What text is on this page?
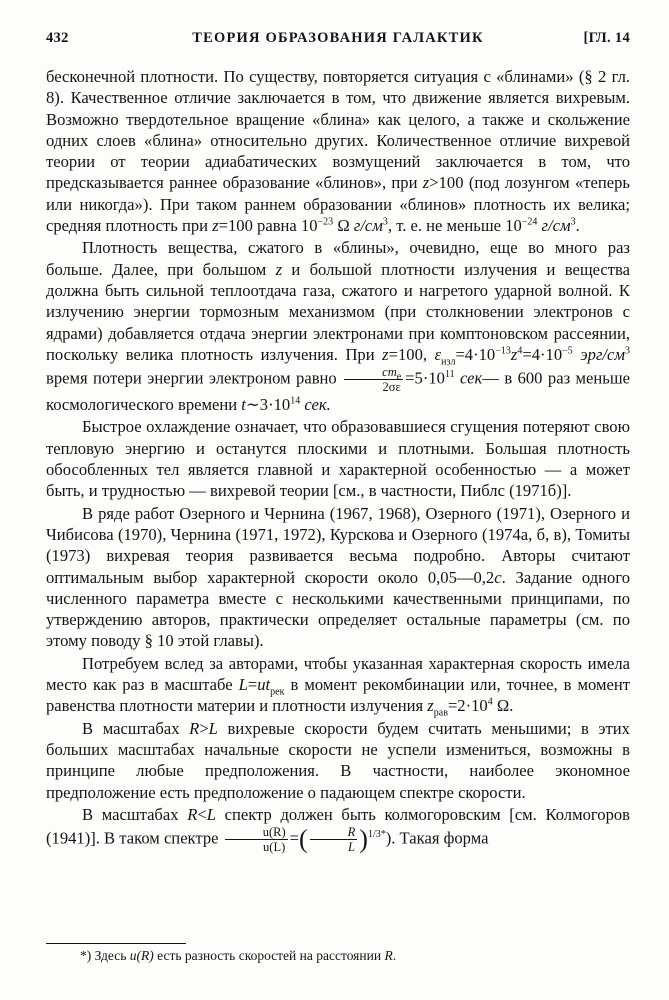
432	ТЕОРИЯ ОБРАЗОВАНИЯ ГАЛАКТИК	[ГЛ. 14

бесконечной плотности. По существу, повторяется ситуация с «блинами» (§ 2 гл. 8). Качественное отличие заключается в том, что движение является вихревым. Возможно твердотельное вращение «блина» как целого, а также и скольжение одних слоев «блина» относительно других. Количественное отличие вихревой теории от теории адиабатических возмущений заключается в том, что предсказывается раннее образование «блинов», при z>100 (под лозунгом «теперь или никогда»). При таком раннем образовании «блинов» плотность их велика; средняя плотность при z=100 равна $10^{-23}$ Ω $г/см^3$, т. е. не меньше $10^{-24}$ $г/см^3$.

Плотность вещества, сжатого в «блины», очевидно, еще во много раз больше. Далее, при большом z и большой плотности излучения и вещества должна быть сильной теплоотдача газа, сжатого и нагретого ударной волной. К излучению энергии тормозным механизмом (при столкновении электронов с ядрами) добавляется отдача энергии электронами при комптоновском рассеянии, поскольку велика плотность излучения. При z=100, $\varepsilon_{изл}=4\cdot 10^{-13}z^4=4\cdot 10^{-5}$ эрг/$см^3$ время потери энергии электроном равно $\frac{cm_e}{2\sigma\varepsilon} =5\cdot 10^{11}$ сек— в 600 раз меньше космологического времени $t\sim 3\cdot 10^{14}$ сек.

Быстрое охлаждение означает, что образовавшиеся сгущения потеряют свою тепловую энергию и останутся плоскими и плотными. Большая плотность обособленных тел является главной и характерной особенностью — а может быть, и трудностью — вихревой теории [см., в частности, Пиблс (1971б)].

В ряде работ Озерного и Чернина (1967, 1968), Озерного (1971), Озерного и Чибисова (1970), Чернина (1971, 1972), Курскова и Озерного (1974а, б, в), Томиты (1973) вихревая теория развивается весьма подробно. Авторы считают оптимальным выбор характерной скорости около 0,05—0,2c. Задание одного численного параметра вместе с несколькими качественными принципами, по утверждению авторов, практически определяет остальные параметры (см. по этому поводу § 10 этой главы).

Потребуем вслед за авторами, чтобы указанная характерная скорость имела место как раз в масштабе $L=ut_{рек}$ в момент рекомбинации или, точнее, в момент равенства плотности материи и плотности излучения $z_{рав}=2\cdot 10^4$ Ω.

В масштабах R>L вихревые скорости будем считать меньшими; в этих больших масштабах начальные скорости не успели измениться, возможны в принципе любые предположения. В частности, наиболее экономное предположение есть предположение о падающем спектре скорости.

В масштабах R<L спектр должен быть колмогоровским [см. Колмогоров (1941)]. В таком спектре $\frac{u(R)}{u(L)}$ =( $\frac{R}{L} )^{1/3*}$). Такая форма

*) Здесь u(R) есть разность скоростей на расстоянии R.
